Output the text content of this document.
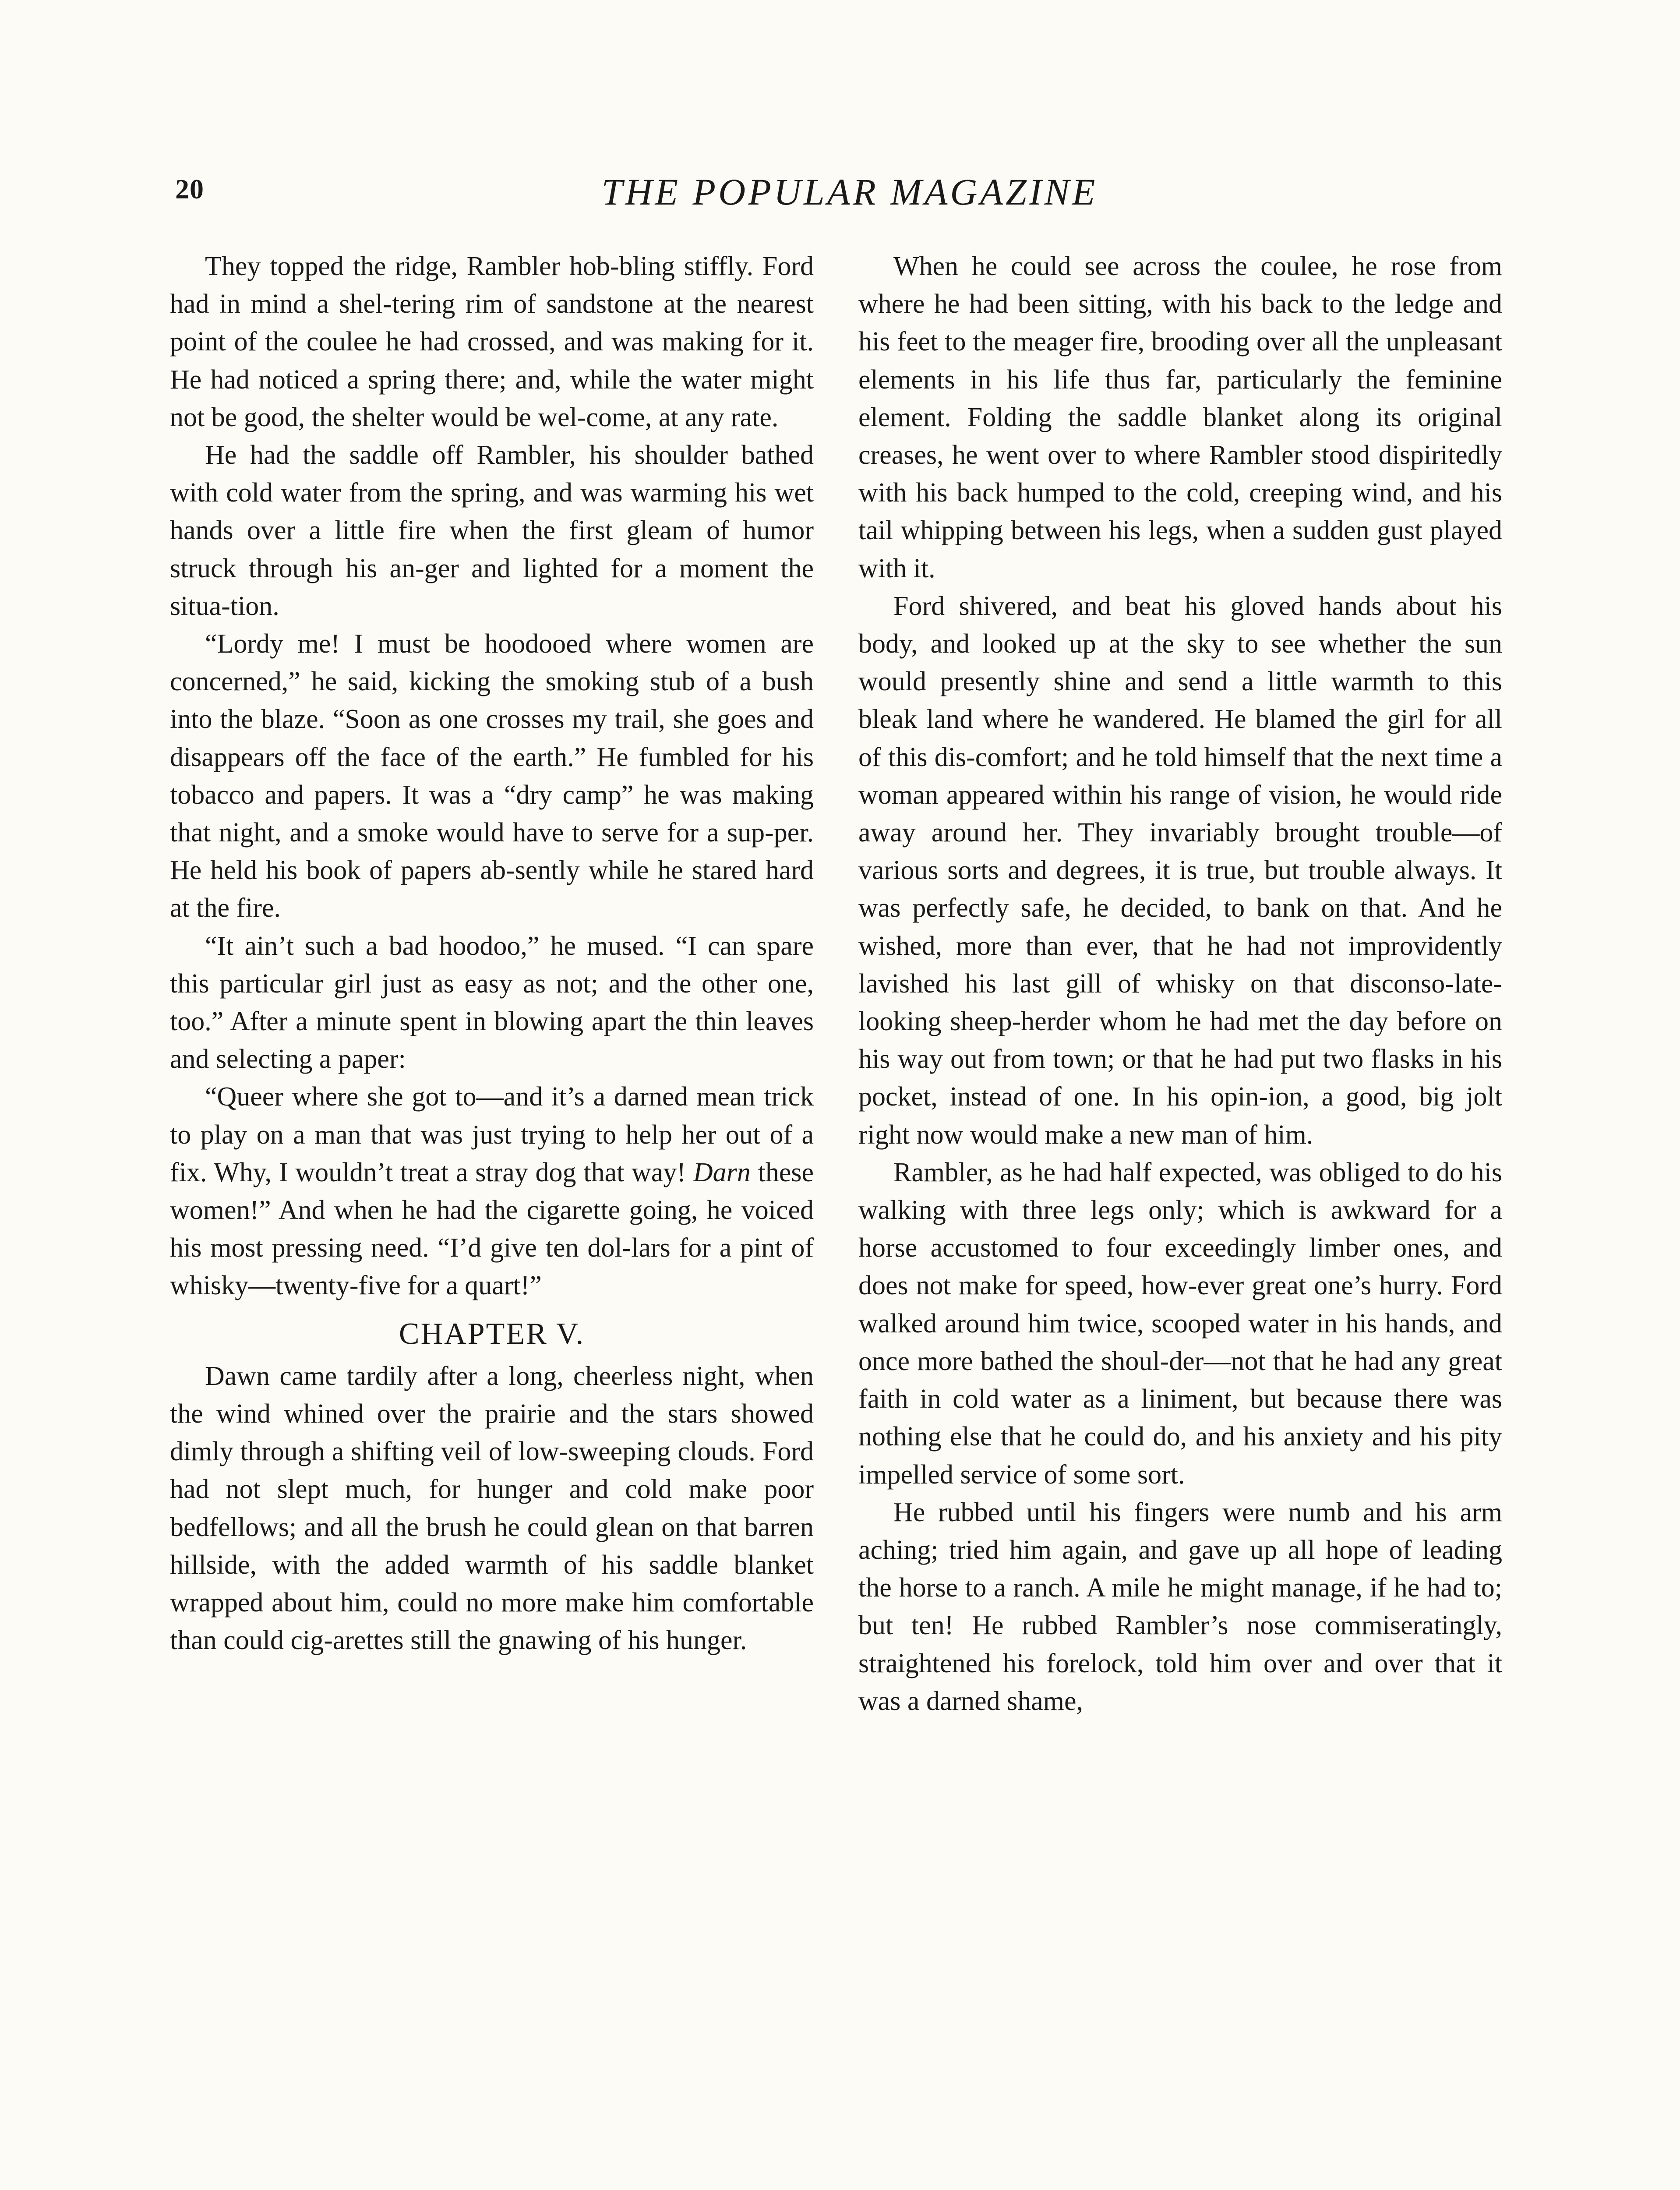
20	THE POPULAR MAGAZINE

They topped the ridge, Rambler hob-bling stiffly. Ford had in mind a shel-tering rim of sandstone at the nearest point of the coulee he had crossed, and was making for it. He had noticed a spring there; and, while the water might not be good, the shelter would be wel-come, at any rate.

He had the saddle off Rambler, his shoulder bathed with cold water from the spring, and was warming his wet hands over a little fire when the first gleam of humor struck through his an-ger and lighted for a moment the situa-tion.

“Lordy me! I must be hoodooed where women are concerned,” he said, kicking the smoking stub of a bush into the blaze. “Soon as one crosses my trail, she goes and disappears off the face of the earth.” He fumbled for his tobacco and papers. It was a “dry camp” he was making that night, and a smoke would have to serve for a sup-per. He held his book of papers ab-sently while he stared hard at the fire.

“It ain’t such a bad hoodoo,” he mused. “I can spare this particular girl just as easy as not; and the other one, too.” After a minute spent in blowing apart the thin leaves and selecting a paper:

“Queer where she got to—and it’s a darned mean trick to play on a man that was just trying to help her out of a fix. Why, I wouldn’t treat a stray dog that way! Darn these women!” And when he had the cigarette going, he voiced his most pressing need. “I’d give ten dol-lars for a pint of whisky—twenty-five for a quart!”

CHAPTER V.

Dawn came tardily after a long, cheerless night, when the wind whined over the prairie and the stars showed dimly through a shifting veil of low-sweeping clouds. Ford had not slept much, for hunger and cold make poor bedfellows; and all the brush he could glean on that barren hillside, with the added warmth of his saddle blanket wrapped about him, could no more make him comfortable than could cig-arettes still the gnawing of his hunger.

When he could see across the coulee, he rose from where he had been sitting, with his back to the ledge and his feet to the meager fire, brooding over all the unpleasant elements in his life thus far, particularly the feminine element. Folding the saddle blanket along its original creases, he went over to where Rambler stood dispiritedly with his back humped to the cold, creeping wind, and his tail whipping between his legs, when a sudden gust played with it.

Ford shivered, and beat his gloved hands about his body, and looked up at the sky to see whether the sun would presently shine and send a little warmth to this bleak land where he wandered. He blamed the girl for all of this dis-comfort; and he told himself that the next time a woman appeared within his range of vision, he would ride away around her. They invariably brought trouble—of various sorts and degrees, it is true, but trouble always. It was perfectly safe, he decided, to bank on that. And he wished, more than ever, that he had not improvidently lavished his last gill of whisky on that disconso-late-looking sheep-herder whom he had met the day before on his way out from town; or that he had put two flasks in his pocket, instead of one. In his opin-ion, a good, big jolt right now would make a new man of him.

Rambler, as he had half expected, was obliged to do his walking with three legs only; which is awkward for a horse accustomed to four exceedingly limber ones, and does not make for speed, how-ever great one’s hurry. Ford walked around him twice, scooped water in his hands, and once more bathed the shoul-der—not that he had any great faith in cold water as a liniment, but because there was nothing else that he could do, and his anxiety and his pity impelled service of some sort.

He rubbed until his fingers were numb and his arm aching; tried him again, and gave up all hope of leading the horse to a ranch. A mile he might manage, if he had to; but ten! He rubbed Rambler’s nose commiseratingly, straightened his forelock, told him over and over that it was a darned shame,
